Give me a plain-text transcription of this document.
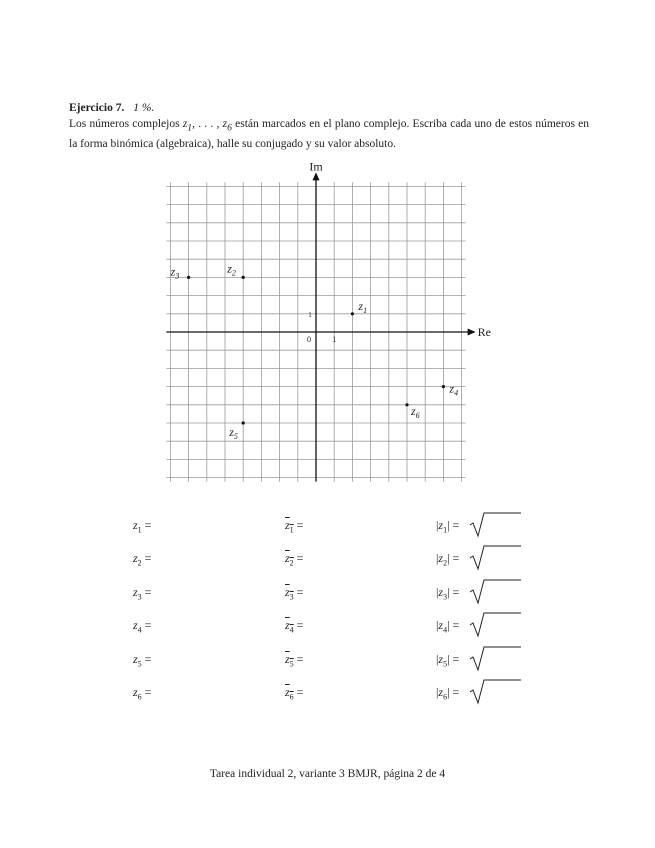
Ejercicio 7. 1 %.
Los números complejos $z_1$, . . . , $z_6$ están marcados en el plano complejo. Escriba cada uno de estos números en la forma binómica (algebraica), halle su conjugado y su valor absoluto.
Re
Im
0	1
1
$z_1$
$z_2$
$z_3$
$z_4$
$z_5$
$z_6$
$z_1$ =	$z_1$ =	$|z_1|$ =
$z_2$ =	$z_2$ =	$|z_2|$ =
$z_3$ =	$z_3$ =	$|z_3|$ =
$z_4$ =	$z_4$ =	$|z_4|$ =
$z_5$ =	$z_5$ =	$|z_5|$ =
$z_6$ =	$z_6$ =	$|z_6|$ =
Tarea individual 2, variante 3 BMJR, página 2 de 4
